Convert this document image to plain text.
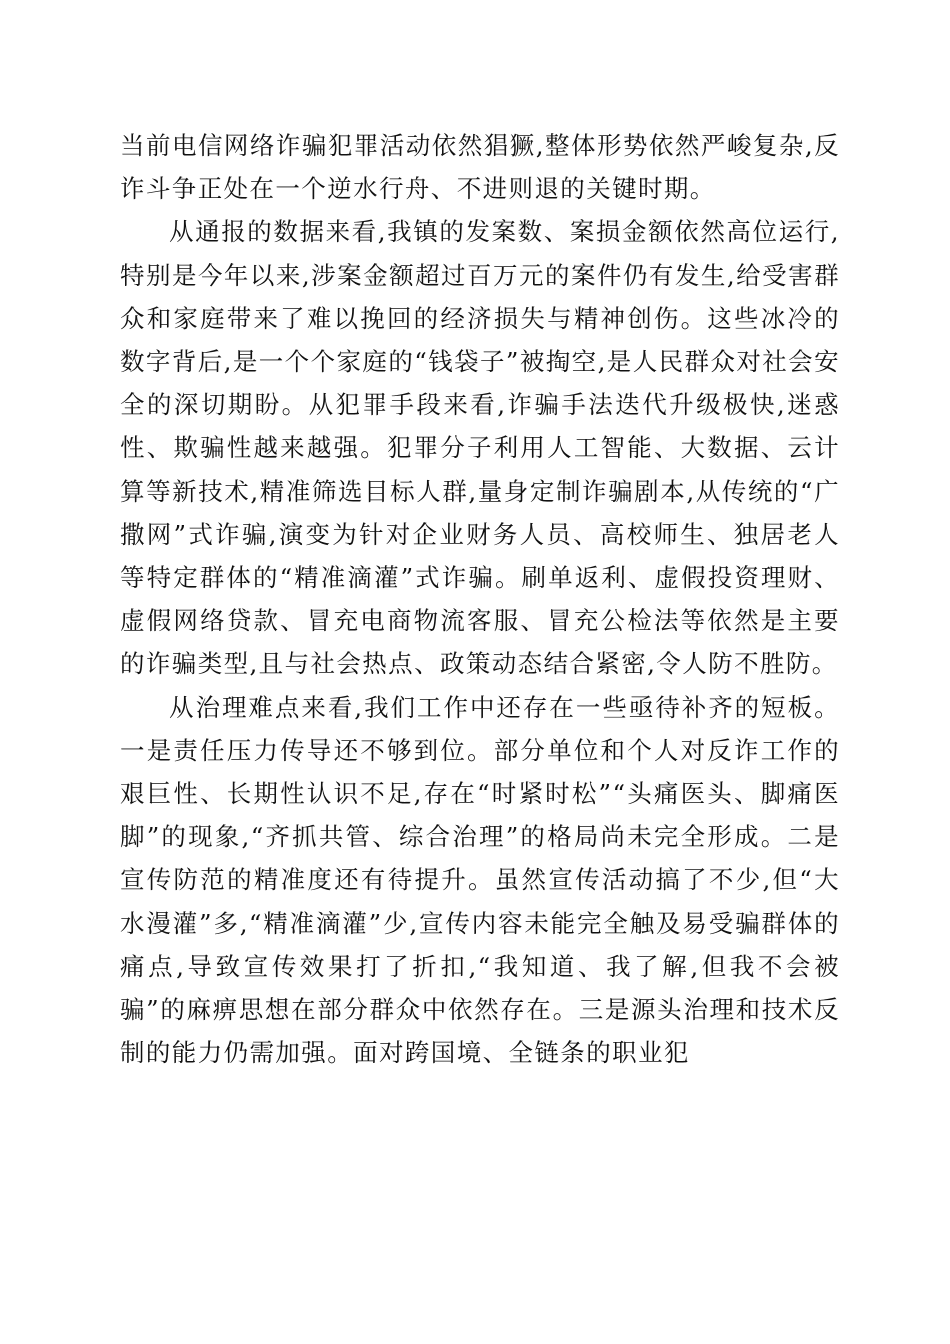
当前电信网络诈骗犯罪活动依然猖獗,整体形势依然严峻复杂,反诈斗争正处在一个逆水行舟、不进则退的关键时期。

从通报的数据来看,我镇的发案数、案损金额依然高位运行,特别是今年以来,涉案金额超过百万元的案件仍有发生,给受害群众和家庭带来了难以挽回的经济损失与精神创伤。这些冰冷的数字背后,是一个个家庭的“钱袋子”被掏空,是人民群众对社会安全的深切期盼。从犯罪手段来看,诈骗手法迭代升级极快,迷惑性、欺骗性越来越强。犯罪分子利用人工智能、大数据、云计算等新技术,精准筛选目标人群,量身定制诈骗剧本,从传统的“广撒网”式诈骗,演变为针对企业财务人员、高校师生、独居老人等特定群体的“精准滴灌”式诈骗。刷单返利、虚假投资理财、虚假网络贷款、冒充电商物流客服、冒充公检法等依然是主要的诈骗类型,且与社会热点、政策动态结合紧密,令人防不胜防。

从治理难点来看,我们工作中还存在一些亟待补齐的短板。一是责任压力传导还不够到位。部分单位和个人对反诈工作的艰巨性、长期性认识不足,存在“时紧时松”“头痛医头、脚痛医脚”的现象,“齐抓共管、综合治理”的格局尚未完全形成。二是宣传防范的精准度还有待提升。虽然宣传活动搞了不少,但“大水漫灌”多,“精准滴灌”少,宣传内容未能完全触及易受骗群体的痛点,导致宣传效果打了折扣,“我知道、我了解,但我不会被骗”的麻痹思想在部分群众中依然存在。三是源头治理和技术反制的能力仍需加强。面对跨国境、全链条的职业犯
